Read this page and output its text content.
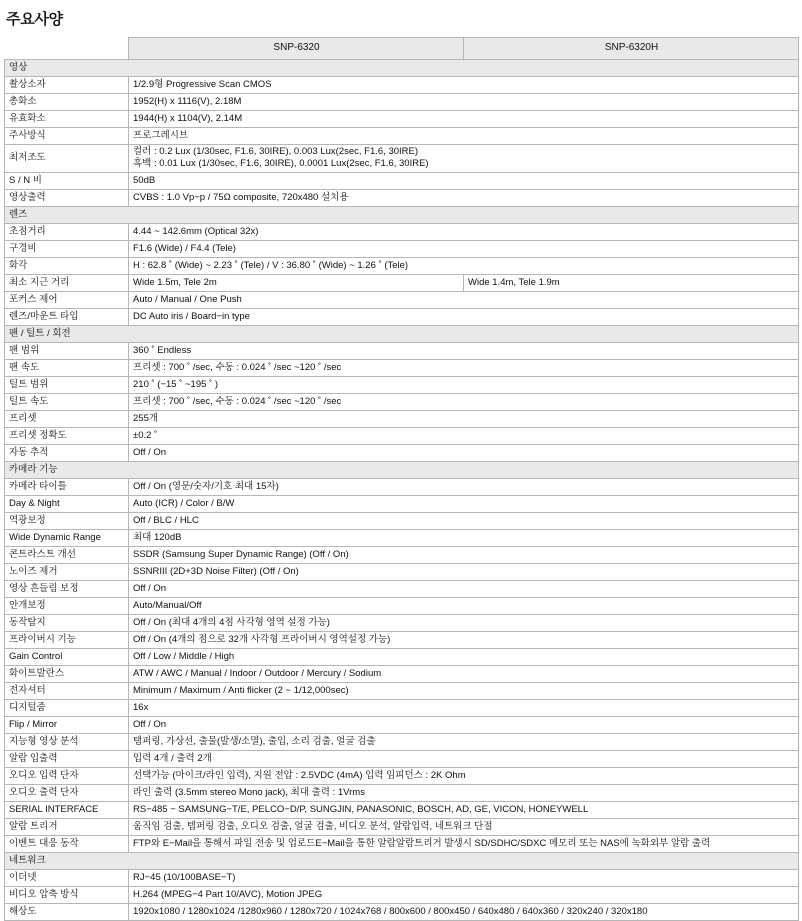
주요사양
	SNP-6320	SNP-6320H
영상		
촬상소자	1/2.9형 Progressive Scan CMOS	
총화소	1952(H) x 1116(V), 2.18M	
유효화소	1944(H) x 1104(V), 2.14M	
주사방식	프로그레시브	
최저조도	컬러 : 0.2 Lux (1/30sec, F1.6, 30IRE), 0.003 Lux(2sec, F1.6, 30IRE)
흑백 : 0.01 Lux (1/30sec, F1.6, 30IRE), 0.0001 Lux(2sec, F1.6, 30IRE)	

S / N 비	50dB	
영상출력	CVBS : 1.0 Vp−p / 75Ω composite, 720x480 설치용	
렌즈		
초점거리	4.44 ~ 142.6mm (Optical 32x)	
구경비	F1.6 (Wide) / F4.4 (Tele)	
화각	H : 62.8 ˚ (Wide) ~ 2.23 ˚ (Tele) / V : 36.80 ˚ (Wide) ~ 1.26 ˚ (Tele)	
최소 지근 거리	Wide 1.5m, Tele 2m	Wide 1.4m, Tele 1.9m
포커스 제어	Auto / Manual / One Push	
렌즈/마운트 타입	DC Auto iris / Board−in type	
팬 / 틸트 / 회전		
팬 범위	360 ˚ Endless	
팬 속도	프리셋 : 700 ˚ /sec, 수동 : 0.024 ˚ /sec ~120 ˚ /sec	
틸트 범위	210 ˚ (−15 ˚ ~195 ˚ )	
틸트 속도	프리셋 : 700 ˚ /sec, 수동 : 0.024 ˚ /sec ~120 ˚ /sec	
프리셋	255개	
프리셋 정확도	±0.2 ˚	
자동 추적	Off / On	
카메라 기능		
카메라 타이틀	Off / On (영문/숫자/기호 최대 15자)	
Day & Night	Auto (ICR) / Color / B/W	
역광보정	Off / BLC / HLC	
Wide Dynamic Range	최대 120dB	
콘트라스트 개선	SSDR (Samsung Super Dynamic Range) (Off / On)	
노이즈 제거	SSNRIII (2D+3D Noise Filter) (Off / On)	
영상 흔들림 보정	Off / On	
안개보정	Auto/Manual/Off	
동작탐지	Off / On (최대 4개의 4점 사각형 영역 설정 가능)	
프라이버시 기능	Off / On (4개의 점으로 32개 사각형 프라이버시 영역설정 가능)	
Gain Control	Off / Low / Middle / High	
화이트발란스	ATW / AWC / Manual / Indoor / Outdoor / Mercury / Sodium	
전자셔터	Minimum / Maximum / Anti flicker (2 ~ 1/12,000sec)	
디지털줌	16x	
Flip / Mirror	Off / On	
지능형 영상 분석	탬퍼링, 가상선, 출물(발생/소멸), 출입, 소리 검출, 얼굴 검출	
알람 입출력	입력 4개 / 출력 2개	
오디오 입력 단자	선택가능 (마이크/라인 입력), 지원 전압 : 2.5VDC (4mA) 입력 임피던스 : 2K Ohm	
오디오 출력 단자	라인 출력 (3.5mm stereo Mono jack), 최대 출력 : 1Vrms	
SERIAL INTERFACE	RS−485 − SAMSUNG−T/E, PELCO−D/P, SUNGJIN, PANASONIC, BOSCH, AD, GE, VICON, HONEYWELL	
알람 트리거	움직임 검출, 템퍼링 검출, 오디오 검출, 얼굴 검출, 비디오 분석, 알람입력, 네트워크 단절	
이벤트 대응 동작	FTP와 E−Mail을 통해서 파일 전송 및 업로드E−Mail을 통한 알람알람트리거 발생시 SD/SDHC/SDXC 메모리 또는 NAS에 녹화외부 알람 출력	
네트워크		
이더넷	RJ−45 (10/100BASE−T)	
비디오 압축 방식	H.264 (MPEG−4 Part 10/AVC), Motion JPEG	
해상도	1920x1080 / 1280x1024 /1280x960 / 1280x720 / 1024x768 / 800x600 / 800x450 / 640x480 / 640x360 / 320x240 / 320x180	
